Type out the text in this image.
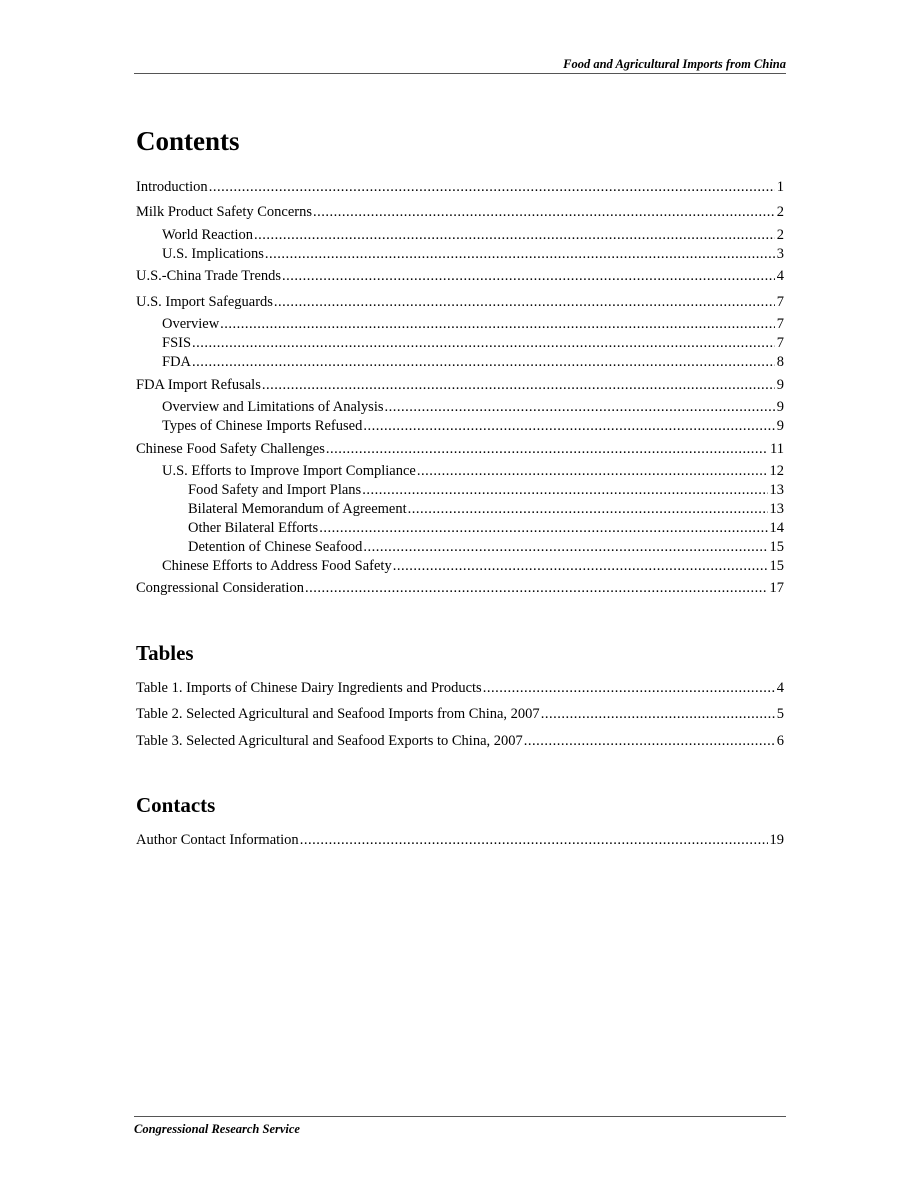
Food and Agricultural Imports from China
Contents
Introduction .....	1
Milk Product Safety Concerns .....	2
World Reaction .....	2
U.S. Implications .....	3
U.S.-China Trade Trends .....	4
U.S. Import Safeguards .....	7
Overview .....	7
FSIS .....	7
FDA .....	8
FDA Import Refusals .....	9
Overview and Limitations of Analysis .....	9
Types of Chinese Imports Refused .....	9
Chinese Food Safety Challenges .....	11
U.S. Efforts to Improve Import Compliance .....	12
Food Safety and Import Plans .....	13
Bilateral Memorandum of Agreement .....	13
Other Bilateral Efforts .....	14
Detention of Chinese Seafood .....	15
Chinese Efforts to Address Food Safety .....	15
Congressional Consideration .....	17
Tables
Table 1. Imports of Chinese Dairy Ingredients and Products .....	4
Table 2. Selected Agricultural and Seafood Imports from China, 2007 .....	5
Table 3. Selected Agricultural and Seafood Exports to China, 2007 .....	6
Contacts
Author Contact Information .....	19
Congressional Research Service
